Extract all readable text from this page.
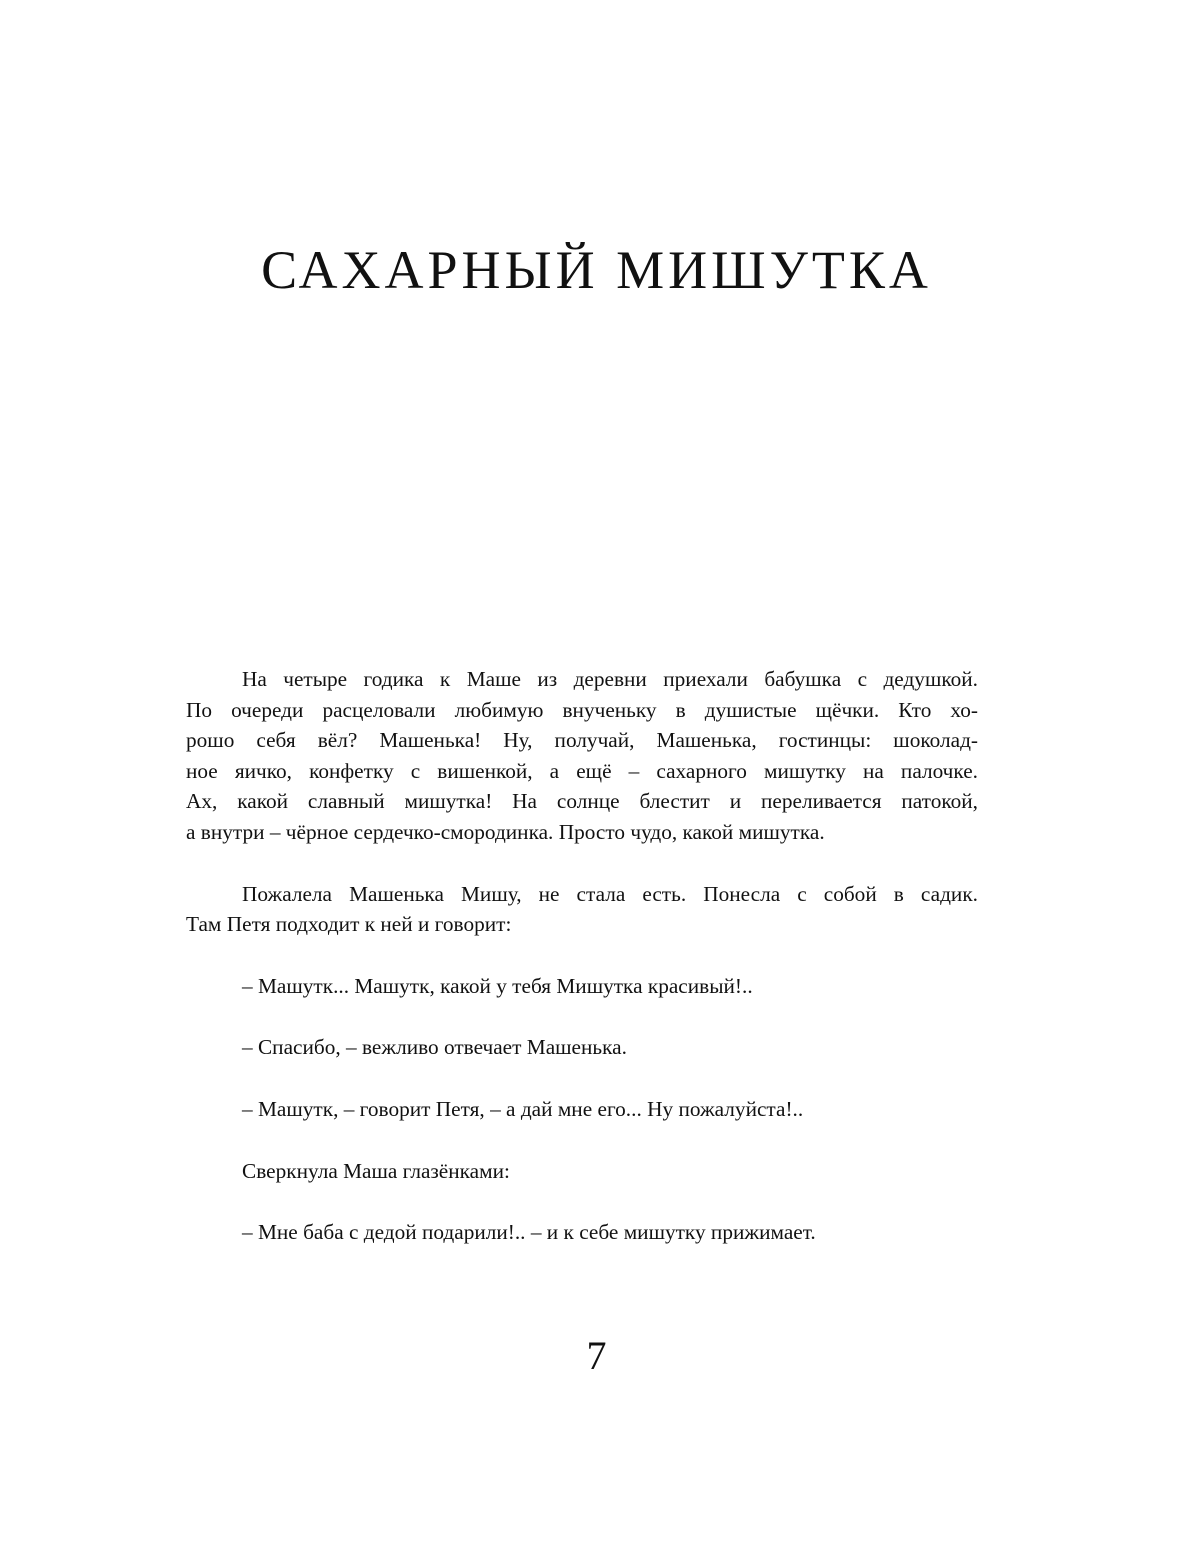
САХАРНЫЙ МИШУТКА

На четыре годика к Маше из деревни приехали бабушка с дедушкой.
По очереди расцеловали любимую внученьку в душистые щёчки. Кто хо-
рошо себя вёл? Машенька! Ну, получай, Машенька, гостинцы: шоколад-
ное яичко, конфетку с вишенкой, а ещё – сахарного мишутку на палочке.
Ах, какой славный мишутка! На солнце блестит и переливается патокой,
а внутри – чёрное сердечко-смородинка. Просто чудо, какой мишутка.

Пожалела Машенька Мишу, не стала есть. Понесла с собой в садик.
Там Петя подходит к ней и говорит:

– Машутк... Машутк, какой у тебя Мишутка красивый!..

– Спасибо, – вежливо отвечает Машенька.

– Машутк, – говорит Петя, – а дай мне его... Ну пожалуйста!..

Сверкнула Маша глазёнками:

– Мне баба с дедой подарили!.. – и к себе мишутку прижимает.

7
